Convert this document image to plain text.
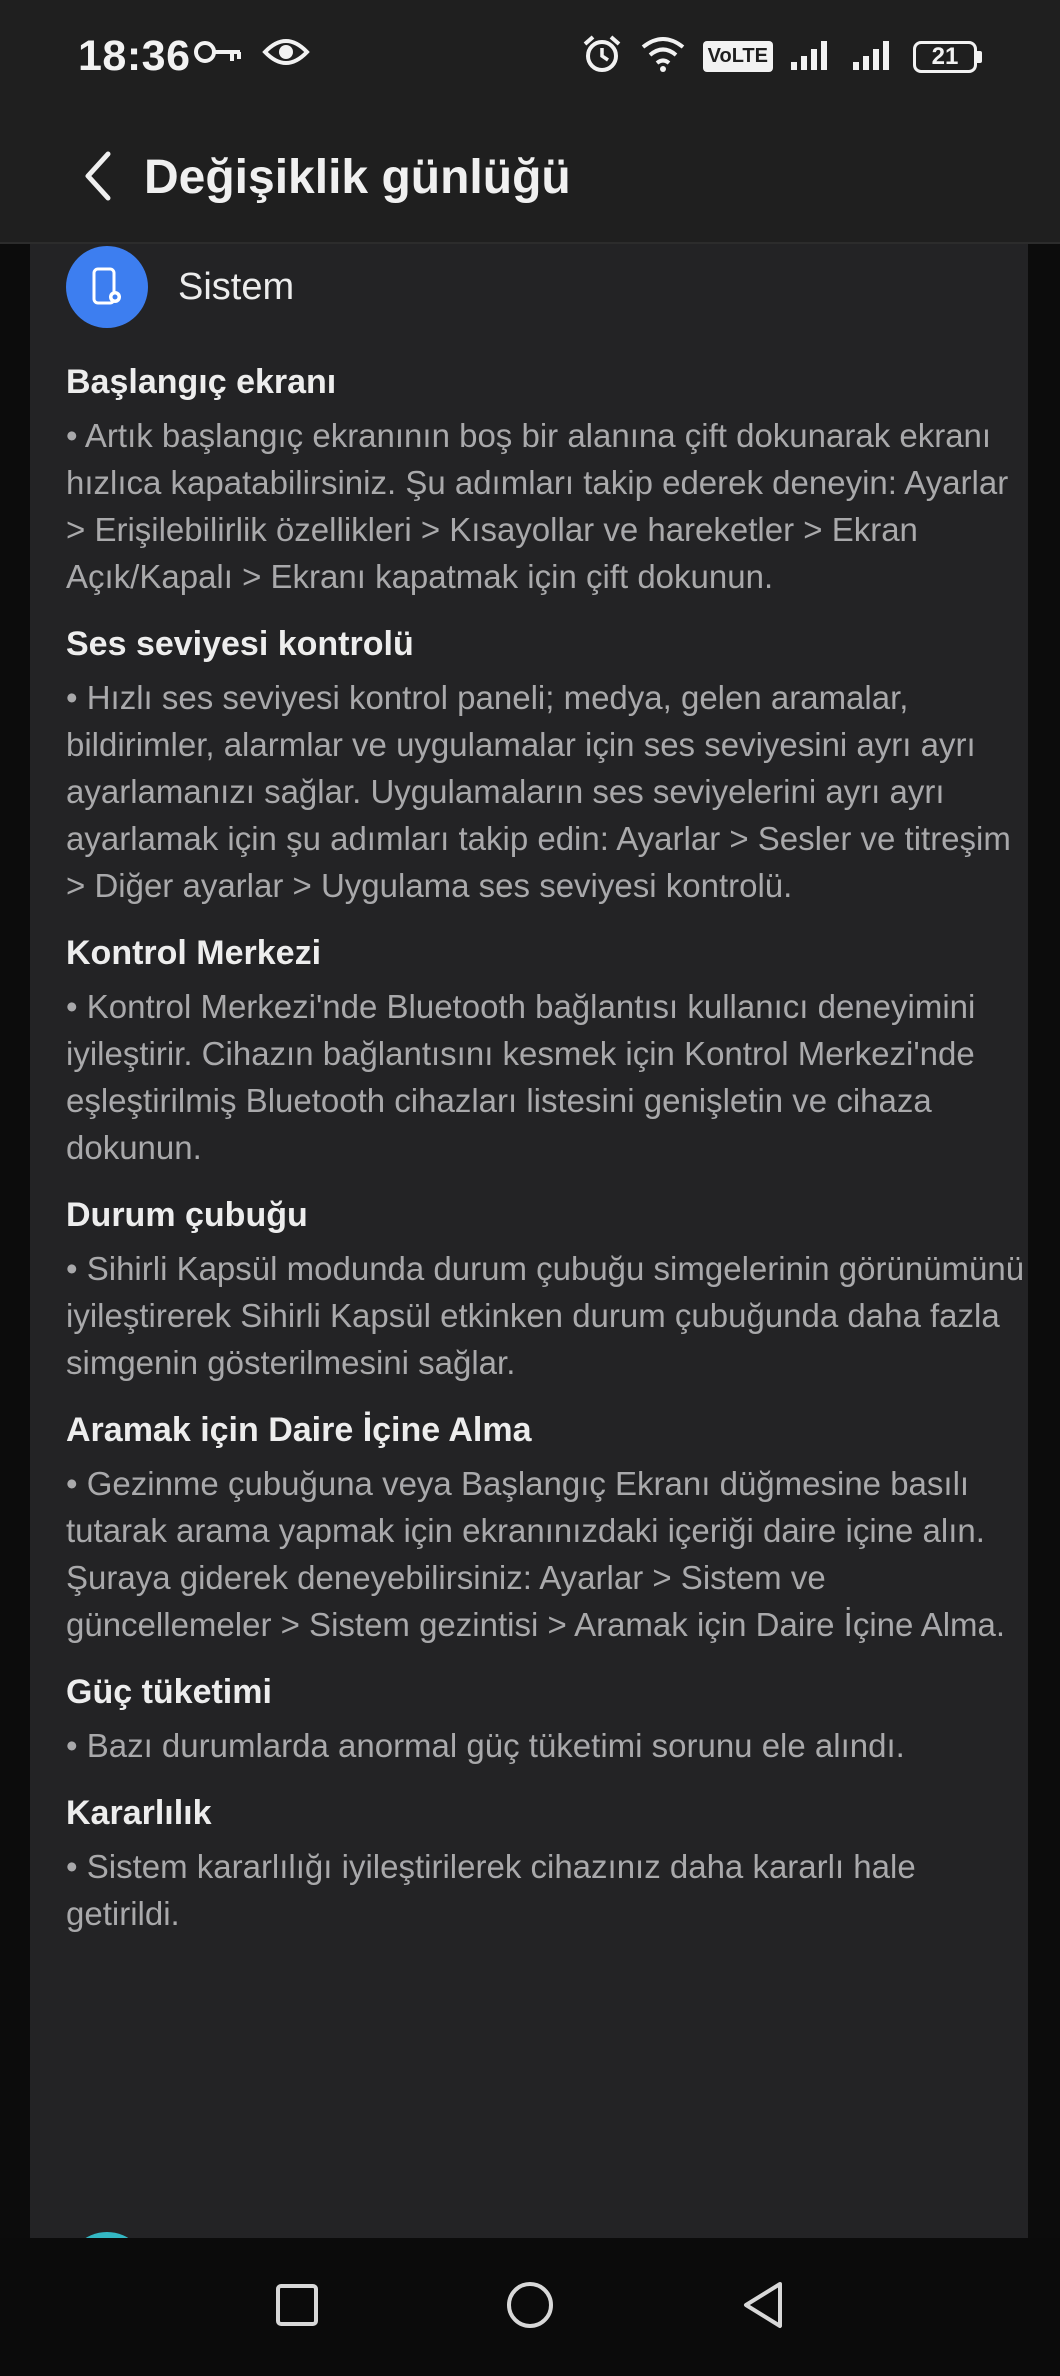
18:36	VoLTE	21
Değişiklik günlüğü
Sistem
Başlangıç ekranı
• Artık başlangıç ekranının boş bir alanına çift dokunarak ekranı hızlıca kapatabilirsiniz. Şu adımları takip ederek deneyin: Ayarlar > Erişilebilirlik özellikleri > Kısayollar ve hareketler > Ekran Açık/Kapalı > Ekranı kapatmak için çift dokunun.
Ses seviyesi kontrolü
• Hızlı ses seviyesi kontrol paneli; medya, gelen aramalar, bildirimler, alarmlar ve uygulamalar için ses seviyesini ayrı ayrı ayarlamanızı sağlar. Uygulamaların ses seviyelerini ayrı ayrı ayarlamak için şu adımları takip edin: Ayarlar > Sesler ve titreşim > Diğer ayarlar > Uygulama ses seviyesi kontrolü.
Kontrol Merkezi
• Kontrol Merkezi'nde Bluetooth bağlantısı kullanıcı deneyimini iyileştirir. Cihazın bağlantısını kesmek için Kontrol Merkezi'nde eşleştirilmiş Bluetooth cihazları listesini genişletin ve cihaza dokunun.
Durum çubuğu
• Sihirli Kapsül modunda durum çubuğu simgelerinin görünümünü iyileştirerek Sihirli Kapsül etkinken durum çubuğunda daha fazla simgenin gösterilmesini sağlar.
Aramak için Daire İçine Alma
• Gezinme çubuğuna veya Başlangıç Ekranı düğmesine basılı tutarak arama yapmak için ekranınızdaki içeriği daire içine alın. Şuraya giderek deneyebilirsiniz: Ayarlar > Sistem ve güncellemeler > Sistem gezintisi > Aramak için Daire İçine Alma.
Güç tüketimi
• Bazı durumlarda anormal güç tüketimi sorunu ele alındı.
Kararlılık
• Sistem kararlılığı iyileştirilerek cihazınız daha kararlı hale getirildi.
